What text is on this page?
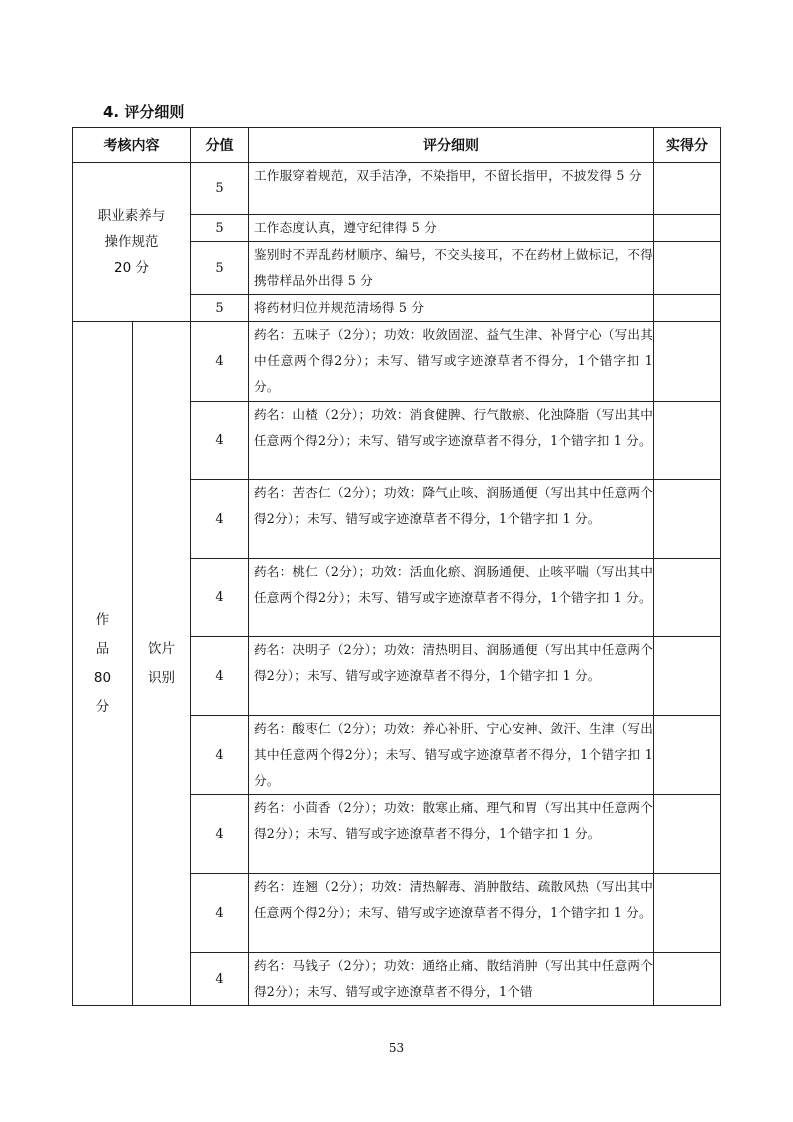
4. 评分细则
考核内容		分值	评分细则	实得分

职业素养与
操作规范
20 分		5	工作服穿着规范，双手洁净，不染指甲，不留长指甲，不披发得 5 分	
		5	工作态度认真，遵守纪律得 5 分	
		5	鉴别时不弄乱药材顺序、编号，不交头接耳，不在药材上做标记，不得携带样品外出得 5 分	
		5	将药材归位并规范清场得 5 分	

作
品
80
分	饮片
识别	4	药名：五味子（2分）；功效：收敛固涩、益气生津、补肾宁心（写出其中任意两个得2分）；未写、错写或字迹潦草者不得分，1个错字扣 1 分。	
		4	药名：山楂（2分）；功效：消食健脾、行气散瘀、化浊降脂（写出其中任意两个得2分）；未写、错写或字迹潦草者不得分，1个错字扣 1 分。	
		4	药名：苦杏仁（2分）；功效：降气止咳、润肠通便（写出其中任意两个得2分）；未写、错写或字迹潦草者不得分，1个错字扣 1 分。	
		4	药名：桃仁（2分）；功效：活血化瘀、润肠通便、止咳平喘（写出其中任意两个得2分）；未写、错写或字迹潦草者不得分，1个错字扣 1 分。	
		4	药名：决明子（2分）；功效：清热明目、润肠通便（写出其中任意两个得2分）；未写、错写或字迹潦草者不得分，1个错字扣 1 分。	
		4	药名：酸枣仁（2分）；功效：养心补肝、宁心安神、敛汗、生津（写出其中任意两个得2分）；未写、错写或字迹潦草者不得分，1个错字扣 1 分。	
		4	药名：小茴香（2分）；功效：散寒止痛、理气和胃（写出其中任意两个得2分）；未写、错写或字迹潦草者不得分，1个错字扣 1 分。	
		4	药名：连翘（2分）；功效：清热解毒、消肿散结、疏散风热（写出其中任意两个得2分）；未写、错写或字迹潦草者不得分，1个错字扣 1 分。	
		4	药名：马钱子（2分）；功效：通络止痛、散结消肿（写出其中任意两个得2分）；未写、错写或字迹潦草者不得分，1个错	
53
